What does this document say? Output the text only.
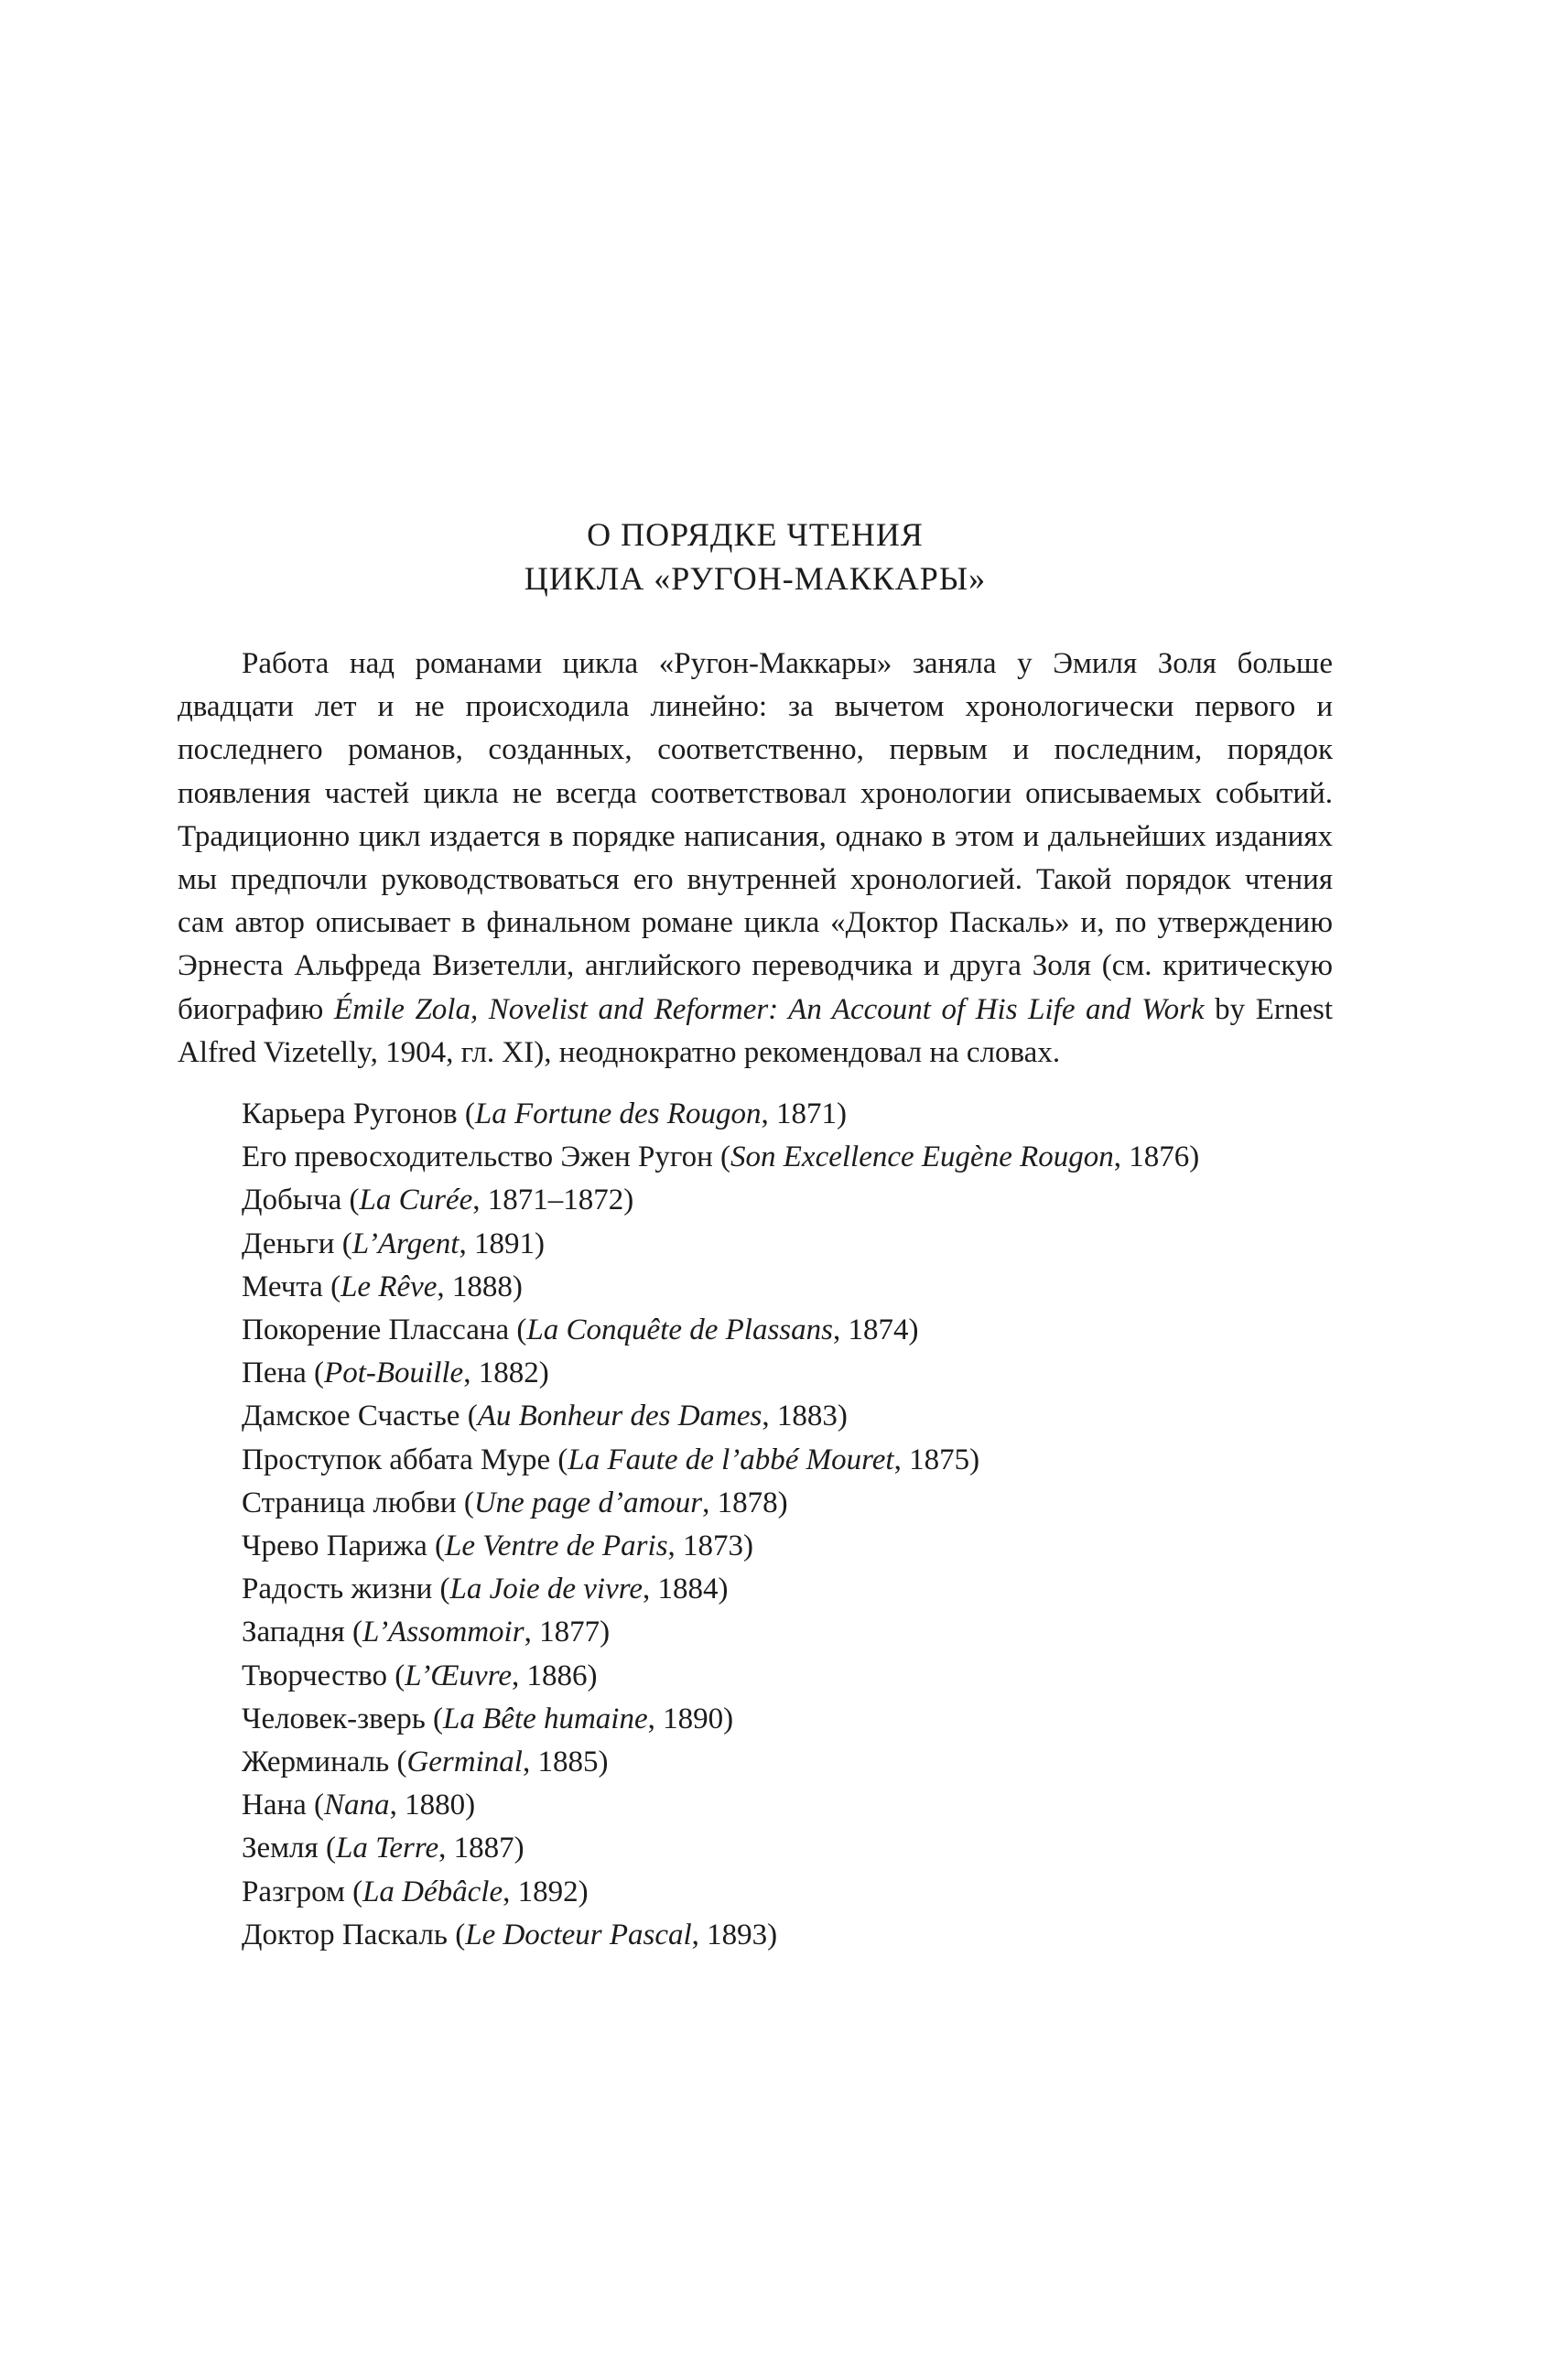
О ПОРЯДКЕ ЧТЕНИЯ
ЦИКЛА «РУГОН-МАККАРЫ»

Работа над романами цикла «Ругон-Маккары» заняла у Эмиля Золя больше двадцати лет и не происходила линейно: за вычетом хронологически первого и последнего романов, созданных, соответственно, первым и последним, порядок появления частей цикла не всегда соответствовал хронологии описываемых событий. Традиционно цикл издается в порядке написания, однако в этом и дальнейших изданиях мы предпочли руководствоваться его внутренней хронологией. Такой порядок чтения сам автор описывает в финальном романе цикла «Доктор Паскаль» и, по утверждению Эрнеста Альфреда Визетелли, английского переводчика и друга Золя (см. критическую биографию Émile Zola, Novelist and Reformer: An Account of His Life and Work by Ernest Alfred Vizetelly, 1904, гл. XI), неоднократно рекомендовал на словах.

Карьера Ругонов (La Fortune des Rougon, 1871)
Его превосходительство Эжен Ругон (Son Excellence Eugène Rougon, 1876)
Добыча (La Curée, 1871–1872)
Деньги (L’Argent, 1891)
Мечта (Le Rêve, 1888)
Покорение Плассана (La Conquête de Plassans, 1874)
Пена (Pot-Bouille, 1882)
Дамское Счастье (Au Bonheur des Dames, 1883)
Проступок аббата Муре (La Faute de l’abbé Mouret, 1875)
Страница любви (Une page d’amour, 1878)
Чрево Парижа (Le Ventre de Paris, 1873)
Радость жизни (La Joie de vivre, 1884)
Западня (L’Assommoir, 1877)
Творчество (L’Œuvre, 1886)
Человек-зверь (La Bête humaine, 1890)
Жерминаль (Germinal, 1885)
Нана (Nana, 1880)
Земля (La Terre, 1887)
Разгром (La Débâcle, 1892)
Доктор Паскаль (Le Docteur Pascal, 1893)
